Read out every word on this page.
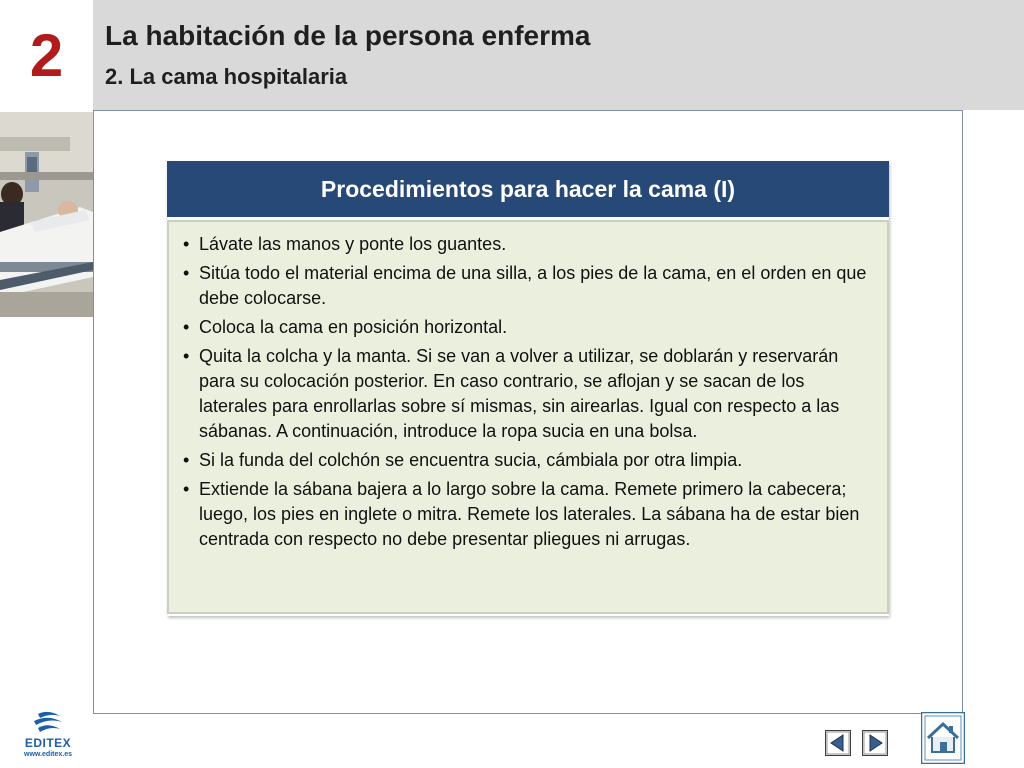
2	La habitación de la persona enferma
2. La cama hospitalaria
Procedimientos para hacer la cama (I)
• Lávate las manos y ponte los guantes.
• Sitúa todo el material encima de una silla, a los pies de la cama, en el orden en que debe colocarse.
• Coloca la cama en posición horizontal.
• Quita la colcha y la manta. Si se van a volver a utilizar, se doblarán y reservarán para su colocación posterior. En caso contrario, se aflojan y se sacan de los laterales para enrollarlas sobre sí mismas, sin airearlas. Igual con respecto a las sábanas. A continuación, introduce la ropa sucia en una bolsa.
• Si la funda del colchón se encuentra sucia, cámbiala por otra limpia.
• Extiende la sábana bajera a lo largo sobre la cama. Remete primero la cabecera; luego, los pies en inglete o mitra. Remete los laterales. La sábana ha de estar bien centrada con respecto no debe presentar pliegues ni arrugas.
EDITEX
www.editex.es
